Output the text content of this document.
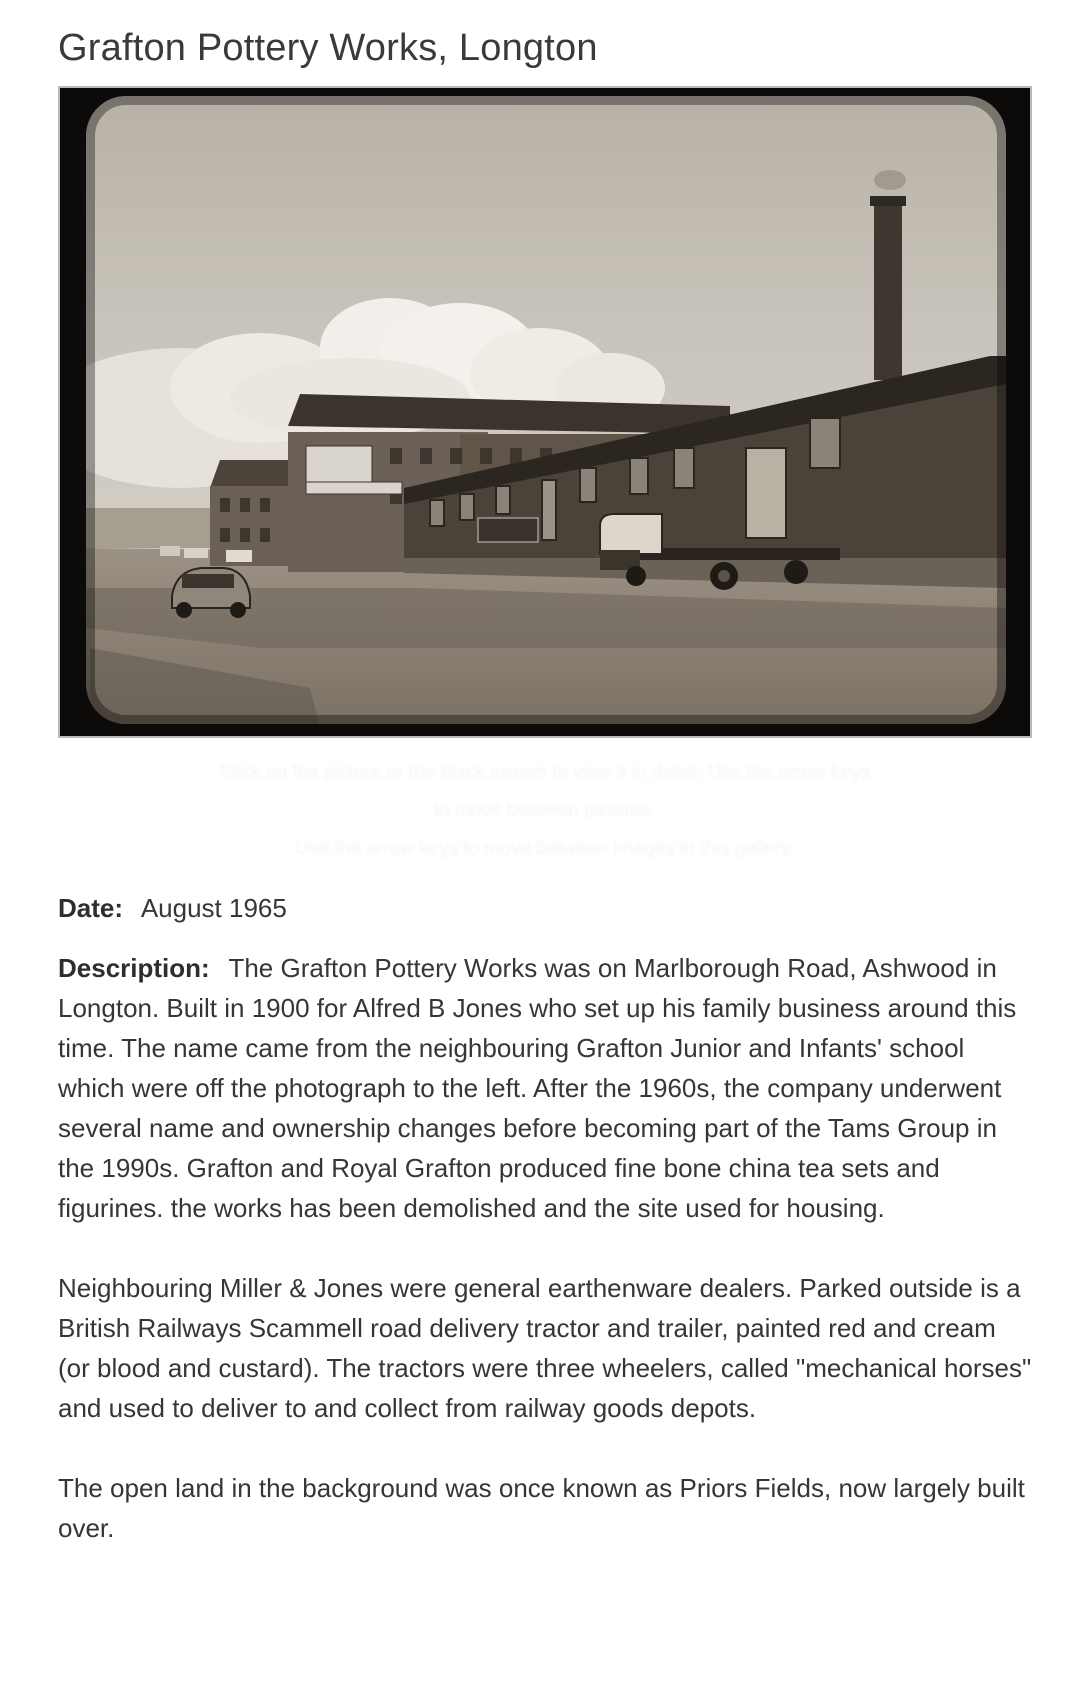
Grafton Pottery Works, Longton
Click on the picture or the black arrows to view it in detail. Use the arrow keys
to move between pictures.
Use the arrow keys to move between images in this gallery.

Date: August 1965

Description: The Grafton Pottery Works was on Marlborough Road, Ashwood in Longton. Built in 1900 for Alfred B Jones who set up his family business around this time. The name came from the neighbouring Grafton Junior and Infants' school which were off the photograph to the left. After the 1960s, the company underwent several name and ownership changes before becoming part of the Tams Group in the 1990s. Grafton and Royal Grafton produced fine bone china tea sets and figurines. the works has been demolished and the site used for housing.

Neighbouring Miller & Jones were general earthenware dealers. Parked outside is a British Railways Scammell road delivery tractor and trailer, painted red and cream (or blood and custard). The tractors were three wheelers, called "mechanical horses" and used to deliver to and collect from railway goods depots.

The open land in the background was once known as Priors Fields, now largely built over.
